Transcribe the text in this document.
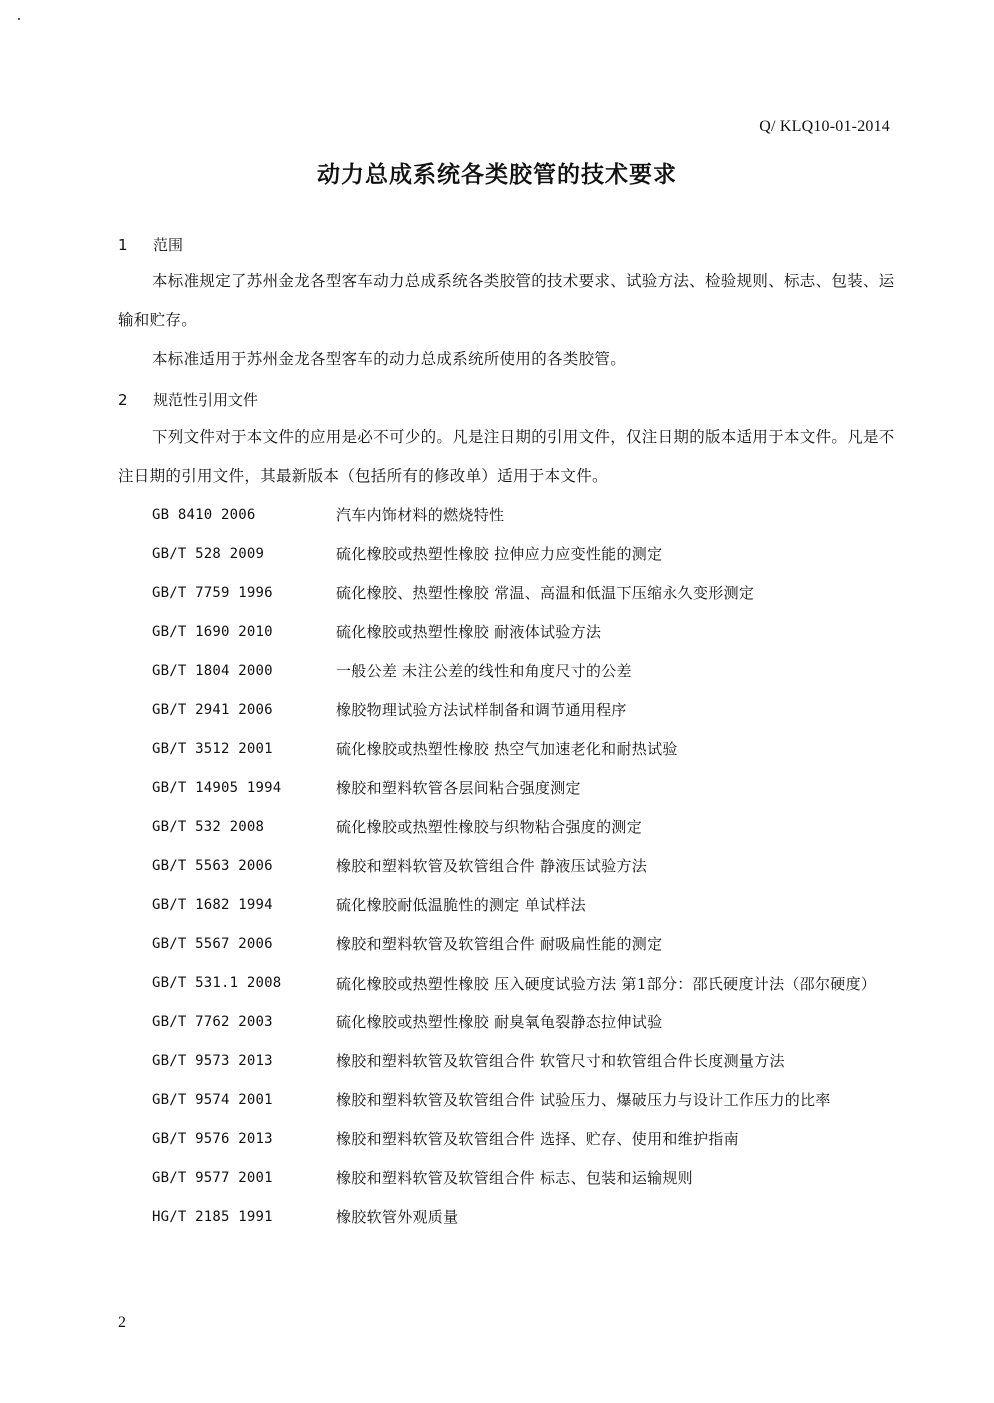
Q/ KLQ10-01-2014
动力总成系统各类胶管的技术要求
1 范围
本标准规定了苏州金龙各型客车动力总成系统各类胶管的技术要求、试验方法、检验规则、标志、包装、运输和贮存。
本标准适用于苏州金龙各型客车的动力总成系统所使用的各类胶管。
2 规范性引用文件
下列文件对于本文件的应用是必不可少的。凡是注日期的引用文件，仅注日期的版本适用于本文件。凡是不注日期的引用文件，其最新版本（包括所有的修改单）适用于本文件。
GB 8410 2006	汽车内饰材料的燃烧特性
GB/T 528 2009	硫化橡胶或热塑性橡胶 拉伸应力应变性能的测定
GB/T 7759 1996	硫化橡胶、热塑性橡胶 常温、高温和低温下压缩永久变形测定
GB/T 1690 2010	硫化橡胶或热塑性橡胶 耐液体试验方法
GB/T 1804 2000	一般公差 未注公差的线性和角度尺寸的公差
GB/T 2941 2006	橡胶物理试验方法试样制备和调节通用程序
GB/T 3512 2001	硫化橡胶或热塑性橡胶 热空气加速老化和耐热试验
GB/T 14905 1994	橡胶和塑料软管各层间粘合强度测定
GB/T 532 2008	硫化橡胶或热塑性橡胶与织物粘合强度的测定
GB/T 5563 2006	橡胶和塑料软管及软管组合件 静液压试验方法
GB/T 1682 1994	硫化橡胶耐低温脆性的测定 单试样法
GB/T 5567 2006	橡胶和塑料软管及软管组合件 耐吸扁性能的测定
GB/T 531.1 2008	硫化橡胶或热塑性橡胶 压入硬度试验方法 第1部分：邵氏硬度计法（邵尔硬度）
GB/T 7762 2003	硫化橡胶或热塑性橡胶 耐臭氧龟裂静态拉伸试验
GB/T 9573 2013	橡胶和塑料软管及软管组合件 软管尺寸和软管组合件长度测量方法
GB/T 9574 2001	橡胶和塑料软管及软管组合件 试验压力、爆破压力与设计工作压力的比率
GB/T 9576 2013	橡胶和塑料软管及软管组合件 选择、贮存、使用和维护指南
GB/T 9577 2001	橡胶和塑料软管及软管组合件 标志、包装和运输规则
HG/T 2185 1991	橡胶软管外观质量
2
